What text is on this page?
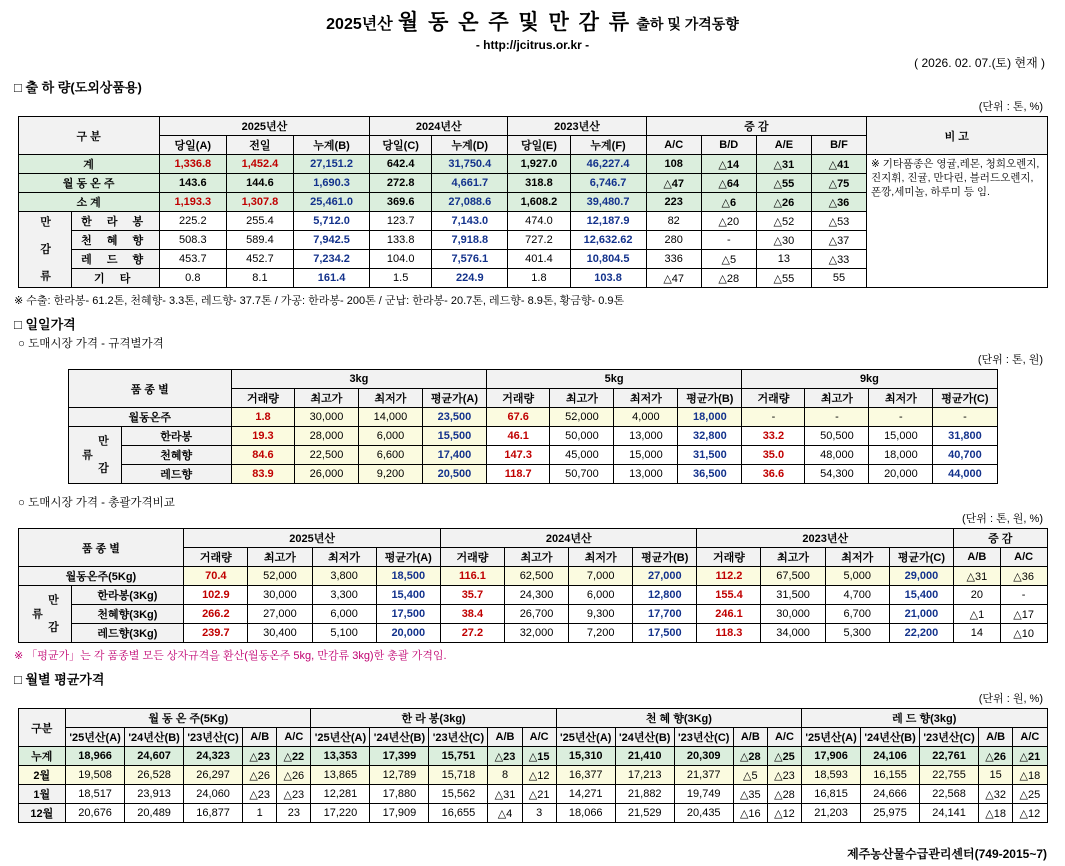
2025년산 월 동 온 주 및 만 감 류 출하 및 가격동향
- http://jcitrus.or.kr -
( 2026. 02. 07.(토) 현재 )
□ 출 하 량(도외상품용)
(단위 : 톤, %)
구 분		2025년산			2024년산		2023년산		증 감				비 고
		당일(A)	전일	누계(B)	당일(C)	누계(D)	당일(E)	누계(F)	A/C	B/D	A/E	B/F	
계		1,336.8	1,452.4	27,151.2	642.4	31,750.4	1,927.0	46,227.4	108	△14	△31	△41	※ 기타품종은 영귤,레몬, 청희오렌지, 진지휘, 진귤, 만다린, 블러드오렌지, 폰깡,세미놀, 하루미 등 임.
월 동 온 주		143.6	144.6	1,690.3	272.8	4,661.7	318.8	6,746.7	△47	△64	△55	△75	
소 계		1,193.3	1,307.8	25,461.0	369.6	27,088.6	1,608.2	39,480.7	223	△6	△26	△36	

만 감 류	한 라 봉	225.2	255.4	5,712.0	123.7	7,143.0	474.0	12,187.9	82	△20	△52	△53	
	천 혜 향	508.3	589.4	7,942.5	133.8	7,918.8	727.2	12,632.62	280	-	△30	△37	
	레 드 향	453.7	452.7	7,234.2	104.0	7,576.1	401.4	10,804.5	336	△5	13	△33	
	기 타	0.8	8.1	161.4	1.5	224.9	1.8	103.8	△47	△28	△55	55	
※ 수출: 한라봉- 61.2톤, 천혜향- 3.3톤, 레드향- 37.7톤 / 가공: 한라봉- 200톤 / 군납: 한라봉- 20.7톤, 레드향- 8.9톤, 황금향- 0.9톤
□ 일일가격
○ 도매시장 가격 - 규격별가격
(단위 : 톤, 원)
품 종 별		3kg				5kg				9kg			
		거래량	최고가	최저가	평균가(A)	거래량	최고가	최저가	평균가(B)	거래량	최고가	최저가	평균가(C)
월동온주		1.8	30,000	14,000	23,500	67.6	52,000	4,000	18,000	-	-	-	-

만 감 류	한라봉	19.3	28,000	6,000	15,500	46.1	50,000	13,000	32,800	33.2	50,500	15,000	31,800
	천혜향	84.6	22,500	6,600	17,400	147.3	45,000	15,000	31,500	35.0	48,000	18,000	40,700
	레드향	83.9	26,000	9,200	20,500	118.7	50,700	13,000	36,500	36.6	54,300	20,000	44,000
○ 도매시장 가격 - 총괄가격비교
(단위 : 톤, 원, %)
품 종 별		2025년산				2024년산				2023년산				증 감	
		거래량	최고가	최저가	평균가(A)	거래량	최고가	최저가	평균가(B)	거래량	최고가	최저가	평균가(C)	A/B	A/C
월동온주(5Kg)		70.4	52,000	3,800	18,500	116.1	62,500	7,000	27,000	112.2	67,500	5,000	29,000	△31	△36

만 감 류	한라봉(3Kg)	102.9	30,000	3,300	15,400	35.7	24,300	6,000	12,800	155.4	31,500	4,700	15,400	20	-
	천혜향(3Kg)	266.2	27,000	6,000	17,500	38.4	26,700	9,300	17,700	246.1	30,000	6,700	21,000	△1	△17
	레드향(3Kg)	239.7	30,400	5,100	20,000	27.2	32,000	7,200	17,500	118.3	34,000	5,300	22,200	14	△10
※ 「평균가」는 각 품종별 모든 상자규격을 환산(월동온주 5kg, 만감류 3kg)한 총괄 가격임.
□ 월별 평균가격
(단위 : 원, %)
구분	월 동 온 주(5Kg)					한 라 봉(3kg)					천 혜 향(3Kg)					레 드 향(3kg)				
	'25년산(A)	'24년산(B)	'23년산(C)	A/B	A/C	'25년산(A)	'24년산(B)	'23년산(C)	A/B	A/C	'25년산(A)	'24년산(B)	'23년산(C)	A/B	A/C	'25년산(A)	'24년산(B)	'23년산(C)	A/B	A/C
누계	18,966	24,607	24,323	△23	△22	13,353	17,399	15,751	△23	△15	15,310	21,410	20,309	△28	△25	17,906	24,106	22,761	△26	△21
2월	19,508	26,528	26,297	△26	△26	13,865	12,789	15,718	8	△12	16,377	17,213	21,377	△5	△23	18,593	16,155	22,755	15	△18
1월	18,517	23,913	24,060	△23	△23	12,281	17,880	15,562	△31	△21	14,271	21,882	19,749	△35	△28	16,815	24,666	22,568	△32	△25
12월	20,676	20,489	16,877	1	23	17,220	17,909	16,655	△4	3	18,066	21,529	20,435	△16	△12	21,203	25,975	24,141	△18	△12
제주농산물수급관리센터(749-2015~7)
